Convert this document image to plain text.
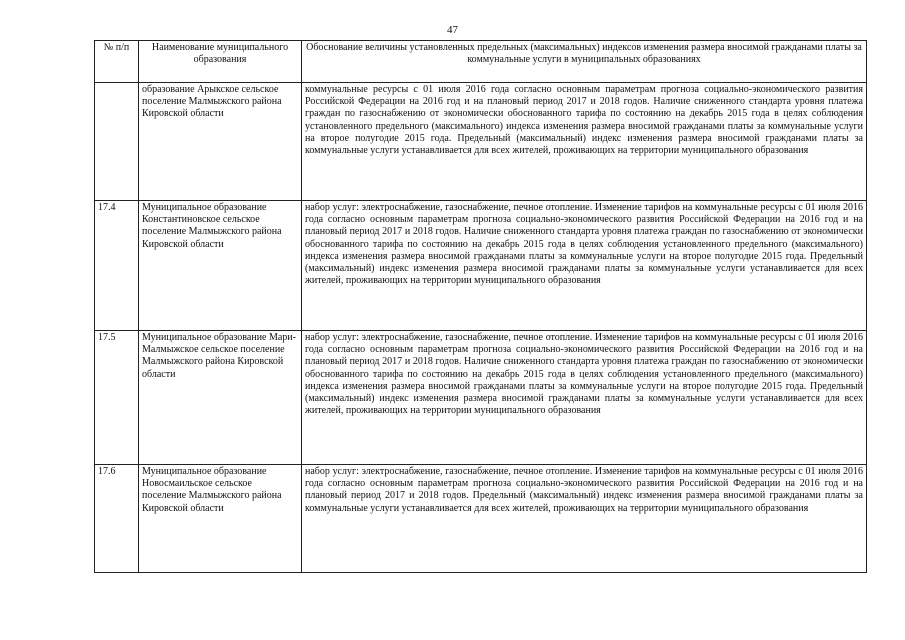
47
№ п/п	Наименование муниципального образования	Обоснование величины установленных предельных (максимальных) индексов изменения размера вносимой гражданами платы за коммунальные услуги в муниципальных образованиях
	образование Арыкское сельское поселение Малмыжского района Кировской области	коммунальные ресурсы с 01 июля 2016 года согласно основным параметрам прогноза социально-экономического развития Российской Федерации на 2016 год и на плановый период 2017 и 2018 годов. Наличие сниженного стандарта уровня платежа граждан по газоснабжению от экономически обоснованного тарифа по состоянию на декабрь 2015 года в целях соблюдения установленного предельного (максимального) индекса изменения размера вносимой гражданами платы за коммунальные услуги на второе полугодие 2015 года. Предельный (максимальный) индекс изменения размера вносимой гражданами платы за коммунальные услуги устанавливается для всех жителей, проживающих на территории муниципального образования
17.4	Муниципальное образование Константиновское сельское поселение Малмыжского района Кировской области	набор услуг: электроснабжение, газоснабжение, печное отопление. Изменение тарифов на коммунальные ресурсы с 01 июля 2016 года согласно основным параметрам прогноза социально-экономического развития Российской Федерации на 2016 год и на плановый период 2017 и 2018 годов. Наличие сниженного стандарта уровня платежа граждан по газоснабжению от экономически обоснованного тарифа по состоянию на декабрь 2015 года в целях соблюдения установленного предельного (максимального) индекса изменения размера вносимой гражданами платы за коммунальные услуги на второе полугодие 2015 года. Предельный (максимальный) индекс изменения размера вносимой гражданами платы за коммунальные услуги устанавливается для всех жителей, проживающих на территории муниципального образования
17.5	Муниципальное образование Мари-Малмыжское сельское поселение Малмыжского района Кировской области	набор услуг: электроснабжение, газоснабжение, печное отопление. Изменение тарифов на коммунальные ресурсы с 01 июля 2016 года согласно основным параметрам прогноза социально-экономического развития Российской Федерации на 2016 год и на плановый период 2017 и 2018 годов. Наличие сниженного стандарта уровня платежа граждан по газоснабжению от экономически обоснованного тарифа по состоянию на декабрь 2015 года в целях соблюдения установленного предельного (максимального) индекса изменения размера вносимой гражданами платы за коммунальные услуги на второе полугодие 2015 года. Предельный (максимальный) индекс изменения размера вносимой гражданами платы за коммунальные услуги устанавливается для всех жителей, проживающих на территории муниципального образования
17.6	Муниципальное образование Новосмаильское сельское поселение Малмыжского района Кировской области	набор услуг: электроснабжение, газоснабжение, печное отопление. Изменение тарифов на коммунальные ресурсы с 01 июля 2016 года согласно основным параметрам прогноза социально-экономического развития Российской Федерации на 2016 год и на плановый период 2017 и 2018 годов. Предельный (максимальный) индекс изменения размера вносимой гражданами платы за коммунальные услуги устанавливается для всех жителей, проживающих на территории муниципального образования
